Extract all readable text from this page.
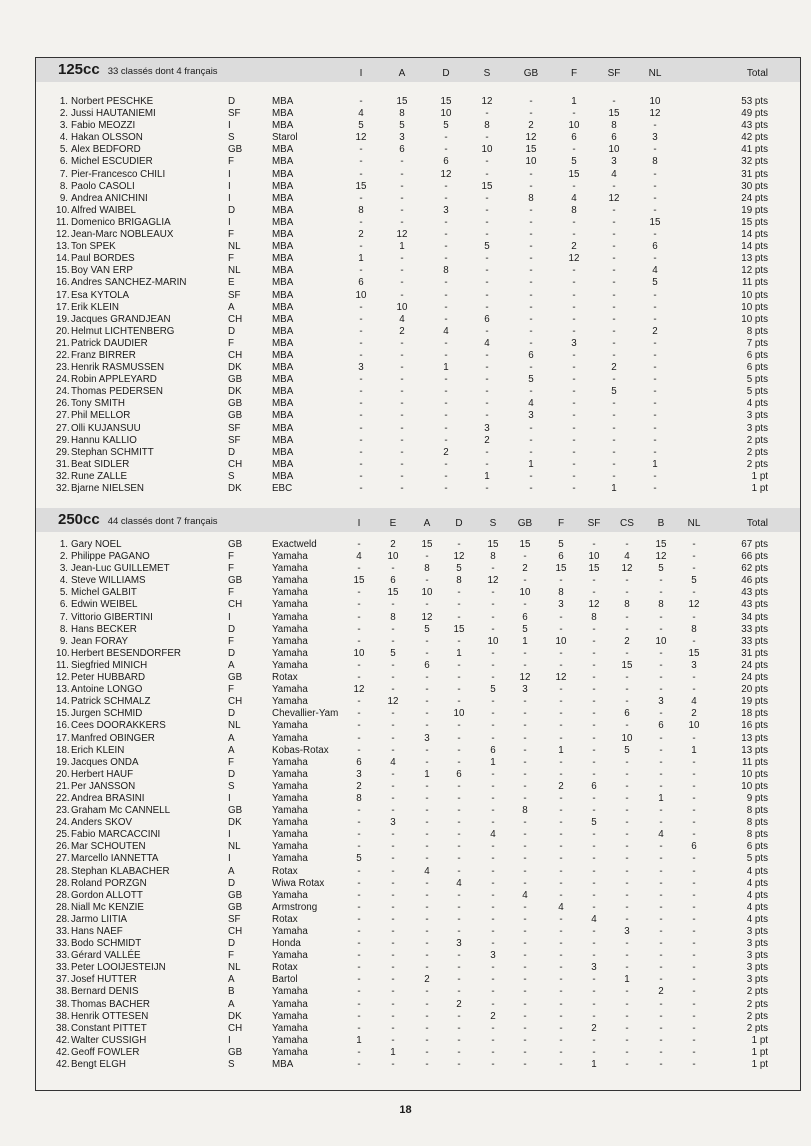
125cc 33 classés dont 4 français	I	A	D	S	GB	F	SF	NL	Total
1. Norbert PESCHKE	D	MBA	-	15	15	12	-	1	-	10	53 pts
2. Jussi HAUTANIEMI	SF	MBA	4	8	10	-	-	-	15	12	49 pts
3. Fabio MEOZZI	I	MBA	5	5	5	8	2	10	8	-	43 pts
4. Hakan OLSSON	S	Starol	12	3	-	-	12	6	6	3	42 pts
5. Alex BEDFORD	GB	MBA	-	6	-	10	15	-	10	-	41 pts
6. Michel ESCUDIER	F	MBA	-	-	6	-	10	5	3	8	32 pts
7. Pier-Francesco CHILI	I	MBA	-	-	12	-	-	15	4	-	31 pts
8. Paolo CASOLI	I	MBA	15	-	-	15	-	-	-	-	30 pts
9. Andrea ANICHINI	I	MBA	-	-	-	-	8	4	12	-	24 pts
10. Alfred WAIBEL	D	MBA	8	-	3	-	-	8	-	-	19 pts
11. Domenico BRIGAGLIA	I	MBA	-	-	-	-	-	-	-	15	15 pts
12. Jean-Marc NOBLEAUX	F	MBA	2	12	-	-	-	-	-	-	14 pts
13. Ton SPEK	NL	MBA	-	1	-	5	-	2	-	6	14 pts
14. Paul BORDES	F	MBA	1	-	-	-	-	12	-	-	13 pts
15. Boy VAN ERP	NL	MBA	-	-	8	-	-	-	-	4	12 pts
16. Andres SANCHEZ-MARIN	E	MBA	6	-	-	-	-	-	-	5	11 pts
17. Esa KYTOLA	SF	MBA	10	-	-	-	-	-	-	-	10 pts
17. Erik KLEIN	A	MBA	-	10	-	-	-	-	-	-	10 pts
19. Jacques GRANDJEAN	CH	MBA	-	4	-	6	-	-	-	-	10 pts
20. Helmut LICHTENBERG	D	MBA	-	2	4	-	-	-	-	2	8 pts
21. Patrick DAUDIER	F	MBA	-	-	-	4	-	3	-	-	7 pts
22. Franz BIRRER	CH	MBA	-	-	-	-	6	-	-	-	6 pts
23. Henrik RASMUSSEN	DK	MBA	3	-	1	-	-	-	2	-	6 pts
24. Robin APPLEYARD	GB	MBA	-	-	-	-	5	-	-	-	5 pts
24. Thomas PEDERSEN	DK	MBA	-	-	-	-	-	-	5	-	5 pts
26. Tony SMITH	GB	MBA	-	-	-	-	4	-	-	-	4 pts
27. Phil MELLOR	GB	MBA	-	-	-	-	3	-	-	-	3 pts
27. Olli KUJANSUU	SF	MBA	-	-	-	3	-	-	-	-	3 pts
29. Hannu KALLIO	SF	MBA	-	-	-	2	-	-	-	-	2 pts
29. Stephan SCHMITT	D	MBA	-	-	2	-	-	-	-	-	2 pts
31. Beat SIDLER	CH	MBA	-	-	-	-	1	-	-	1	2 pts
32. Rune ZALLE	S	MBA	-	-	-	1	-	-	-	-	1 pt
32. Bjarne NIELSEN	DK	EBC	-	-	-	-	-	-	1	-	1 pt
250cc 44 classés dont 7 français	I	E	A	D	S	GB	F	SF	CS	B	NL	Total
1. Gary NOEL	GB	Exactweld	-	2	15	-	15	15	5	-	-	15	-	67 pts
2. Philippe PAGANO	F	Yamaha	4	10	-	12	8	-	6	10	4	12	-	66 pts
3. Jean-Luc GUILLEMET	F	Yamaha	-	-	8	5	-	2	15	15	12	5	-	62 pts
4. Steve WILLIAMS	GB	Yamaha	15	6	-	8	12	-	-	-	-	-	5	46 pts
5. Michel GALBIT	F	Yamaha	-	15	10	-	-	10	8	-	-	-	-	43 pts
6. Edwin WEIBEL	CH	Yamaha	-	-	-	-	-	-	3	12	8	8	12	43 pts
7. Vittorio GIBERTINI	I	Yamaha	-	8	12	-	-	6	-	8	-	-	-	34 pts
8. Hans BECKER	D	Yamaha	-	-	5	15	-	5	-	-	-	-	8	33 pts
9. Jean FORAY	F	Yamaha	-	-	-	-	10	1	10	-	2	10	-	33 pts
10. Herbert BESENDORFER	D	Yamaha	10	5	-	1	-	-	-	-	-	-	15	31 pts
11. Siegfried MINICH	A	Yamaha	-	-	6	-	-	-	-	-	15	-	3	24 pts
12. Peter HUBBARD	GB	Rotax	-	-	-	-	-	12	12	-	-	-	-	24 pts
13. Antoine LONGO	F	Yamaha	12	-	-	-	5	3	-	-	-	-	-	20 pts
14. Patrick SCHMALZ	CH	Yamaha	-	12	-	-	-	-	-	-	-	3	4	19 pts
15. Jurgen SCHMID	D	Chevallier-Yam	-	-	-	10	-	-	-	-	6	-	2	18 pts
16. Cees DOORAKKERS	NL	Yamaha	-	-	-	-	-	-	-	-	-	6	10	16 pts
17. Manfred OBINGER	A	Yamaha	-	-	3	-	-	-	-	-	10	-	-	13 pts
18. Erich KLEIN	A	Kobas-Rotax	-	-	-	-	6	-	1	-	5	-	1	13 pts
19. Jacques ONDA	F	Yamaha	6	4	-	-	1	-	-	-	-	-	-	11 pts
20. Herbert HAUF	D	Yamaha	3	-	1	6	-	-	-	-	-	-	-	10 pts
21. Per JANSSON	S	Yamaha	2	-	-	-	-	-	2	6	-	-	-	10 pts
22. Andrea BRASINI	I	Yamaha	8	-	-	-	-	-	-	-	-	1	-	9 pts
23. Graham Mc CANNELL	GB	Yamaha	-	-	-	-	-	8	-	-	-	-	-	8 pts
24. Anders SKOV	DK	Yamaha	-	3	-	-	-	-	-	5	-	-	-	8 pts
25. Fabio MARCACCINI	I	Yamaha	-	-	-	-	4	-	-	-	-	4	-	8 pts
26. Mar SCHOUTEN	NL	Yamaha	-	-	-	-	-	-	-	-	-	-	6	6 pts
27. Marcello IANNETTA	I	Yamaha	5	-	-	-	-	-	-	-	-	-	-	5 pts
28. Stephan KLABACHER	A	Rotax	-	-	4	-	-	-	-	-	-	-	-	4 pts
28. Roland PORZGN	D	Wiwa Rotax	-	-	-	4	-	-	-	-	-	-	-	4 pts
28. Gordon ALLOTT	GB	Yamaha	-	-	-	-	-	4	-	-	-	-	-	4 pts
28. Niall Mc KENZIE	GB	Armstrong	-	-	-	-	-	-	4	-	-	-	-	4 pts
28. Jarmo LIITIA	SF	Rotax	-	-	-	-	-	-	-	4	-	-	-	4 pts
33. Hans NAEF	CH	Yamaha	-	-	-	-	-	-	-	-	3	-	-	3 pts
33. Bodo SCHMIDT	D	Honda	-	-	-	3	-	-	-	-	-	-	-	3 pts
33. Gérard VALLÉE	F	Yamaha	-	-	-	-	3	-	-	-	-	-	-	3 pts
33. Peter LOOIJESTEIJN	NL	Rotax	-	-	-	-	-	-	-	3	-	-	-	3 pts
37. Josef HUTTER	A	Bartol	-	-	2	-	-	-	-	-	1	-	-	3 pts
38. Bernard DENIS	B	Yamaha	-	-	-	-	-	-	-	-	-	2	-	2 pts
38. Thomas BACHER	A	Yamaha	-	-	-	2	-	-	-	-	-	-	-	2 pts
38. Henrik OTTESEN	DK	Yamaha	-	-	-	-	2	-	-	-	-	-	-	2 pts
38. Constant PITTET	CH	Yamaha	-	-	-	-	-	-	-	2	-	-	-	2 pts
42. Walter CUSSIGH	I	Yamaha	1	-	-	-	-	-	-	-	-	-	-	1 pt
42. Geoff FOWLER	GB	Yamaha	-	1	-	-	-	-	-	-	-	-	-	1 pt
42. Bengt ELGH	S	MBA	-	-	-	-	-	-	-	1	-	-	-	1 pt
18
